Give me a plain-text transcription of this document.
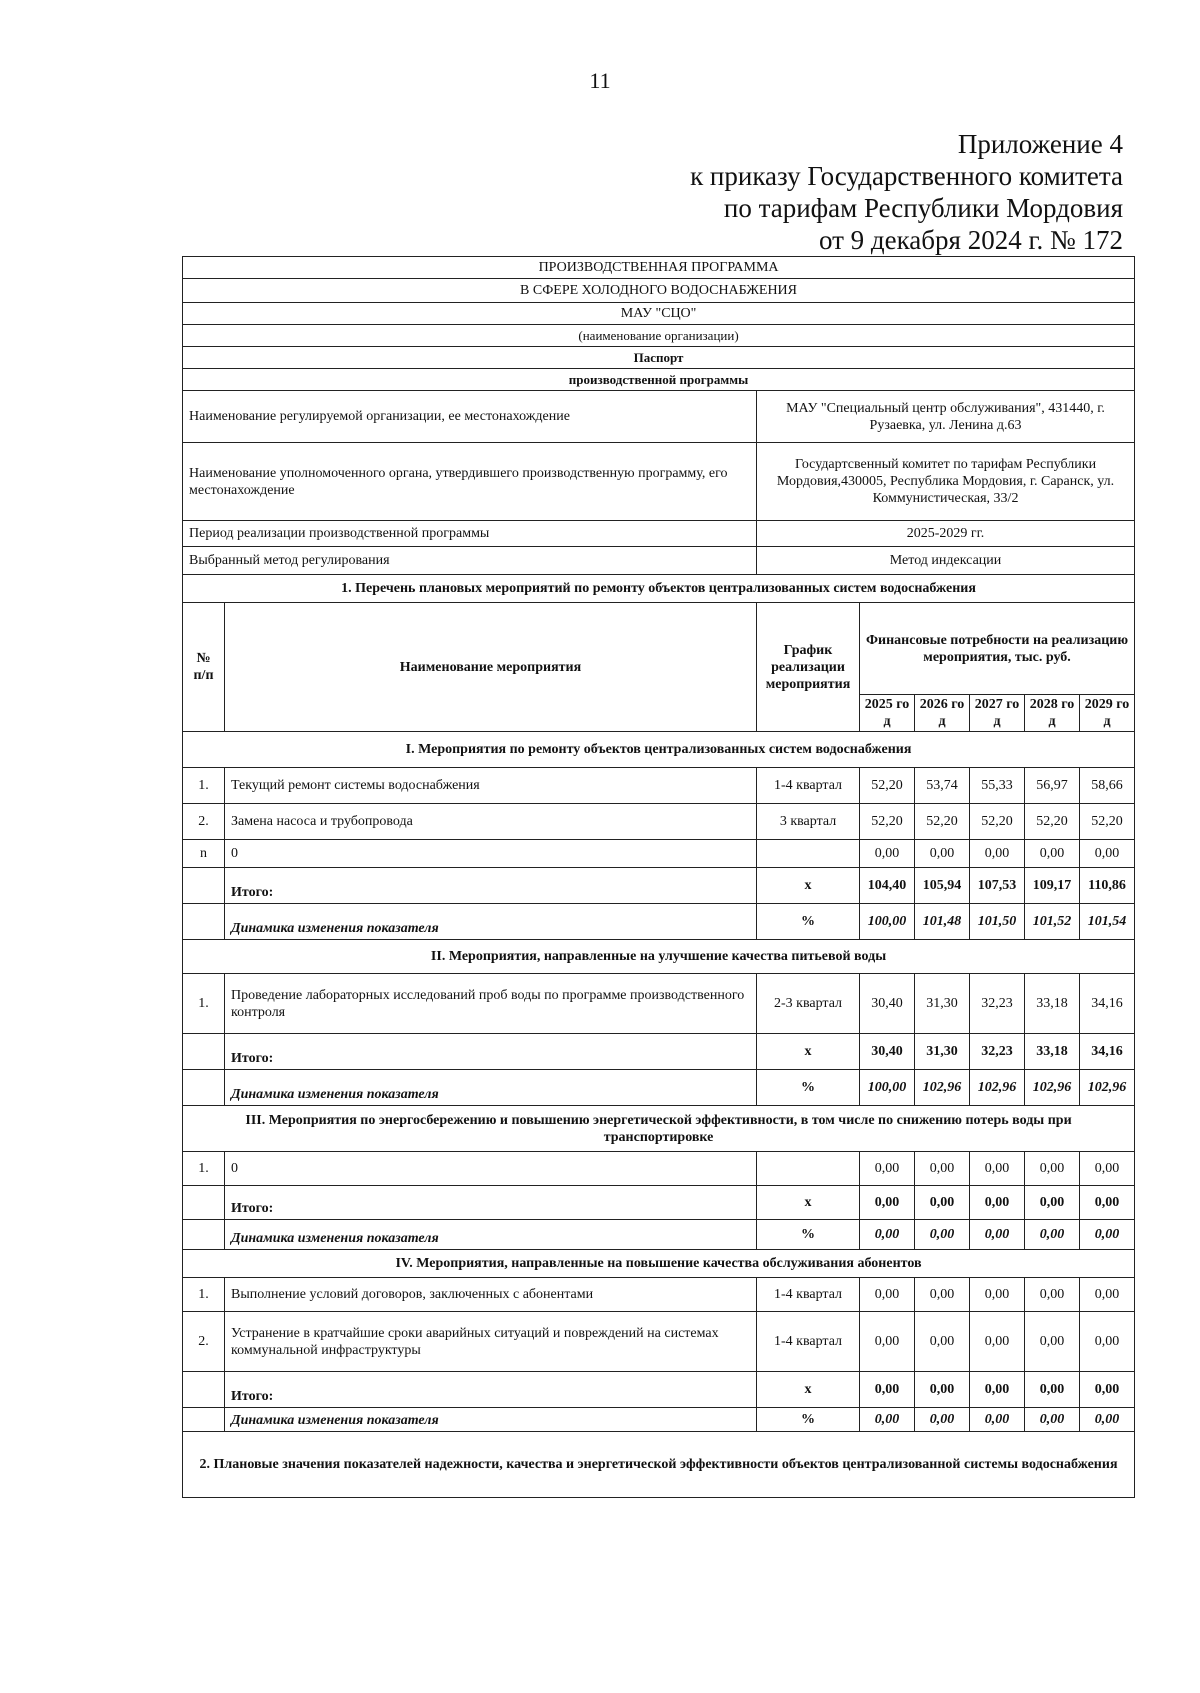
11
Приложение 4
к приказу Государственного комитета
по тарифам Республики Мордовия
от 9 декабря 2024 г. № 172
ПРОИЗВОДСТВЕННАЯ ПРОГРАММА							
В СФЕРЕ ХОЛОДНОГО ВОДОСНАБЖЕНИЯ							
МАУ "СЦО"							
(наименование организации)							
Паспорт							
производственной программы							
Наименование регулируемой организации, ее местонахождение		МАУ "Специальный центр обслуживания", 431440, г. Рузаевка, ул. Ленина д.63					
Наименование уполномоченного органа, утвердившего производственную программу, его местонахождение		Государтсвенный комитет по тарифам Республики Мордовия,430005, Республика Мордовия, г. Саранск, ул. Коммунистическая, 33/2					
Период реализации производственной программы		2025-2029 гг.					
Выбранный метод регулирования		Метод индексации					
1. Перечень плановых мероприятий по ремонту объектов централизованных систем водоснабжения							
№ п/п	Наименование мероприятия	График реализации мероприятия	Финансовые потребности на реализацию мероприятия, тыс. руб.				
			2025 год	2026 год	2027 год	2028 год	2029 год
I. Мероприятия по ремонту объектов централизованных систем водоснабжения							
1.	Текущий ремонт системы водоснабжения	1-4 квартал	52,20	53,74	55,33	56,97	58,66
2.	Замена насоса и трубопровода	3 квартал	52,20	52,20	52,20	52,20	52,20
n	0		0,00	0,00	0,00	0,00	0,00
	Итого:	х	104,40	105,94	107,53	109,17	110,86
	Динамика изменения показателя	%	100,00	101,48	101,50	101,52	101,54
II. Мероприятия, направленные на улучшение качества питьевой воды							
1.	Проведение лабораторных исследований проб воды по программе производственного контроля	2-3 квартал	30,40	31,30	32,23	33,18	34,16
	Итого:	х	30,40	31,30	32,23	33,18	34,16
	Динамика изменения показателя	%	100,00	102,96	102,96	102,96	102,96
III. Мероприятия по энергосбережению и повышению энергетической эффективности, в том числе по снижению потерь воды при транспортировке							
1.	0		0,00	0,00	0,00	0,00	0,00
	Итого:	х	0,00	0,00	0,00	0,00	0,00
	Динамика изменения показателя	%	0,00	0,00	0,00	0,00	0,00
IV. Мероприятия, направленные на повышение качества обслуживания абонентов							
1.	Выполнение условий договоров, заключенных с абонентами	1-4 квартал	0,00	0,00	0,00	0,00	0,00
2.	Устранение в кратчайшие сроки аварийных ситуаций и повреждений на системах коммунальной инфраструктуры	1-4 квартал	0,00	0,00	0,00	0,00	0,00
	Итого:	х	0,00	0,00	0,00	0,00	0,00
	Динамика изменения показателя	%	0,00	0,00	0,00	0,00	0,00
2. Плановые значения показателей надежности, качества и энергетической эффективности объектов централизованной системы водоснабжения							
